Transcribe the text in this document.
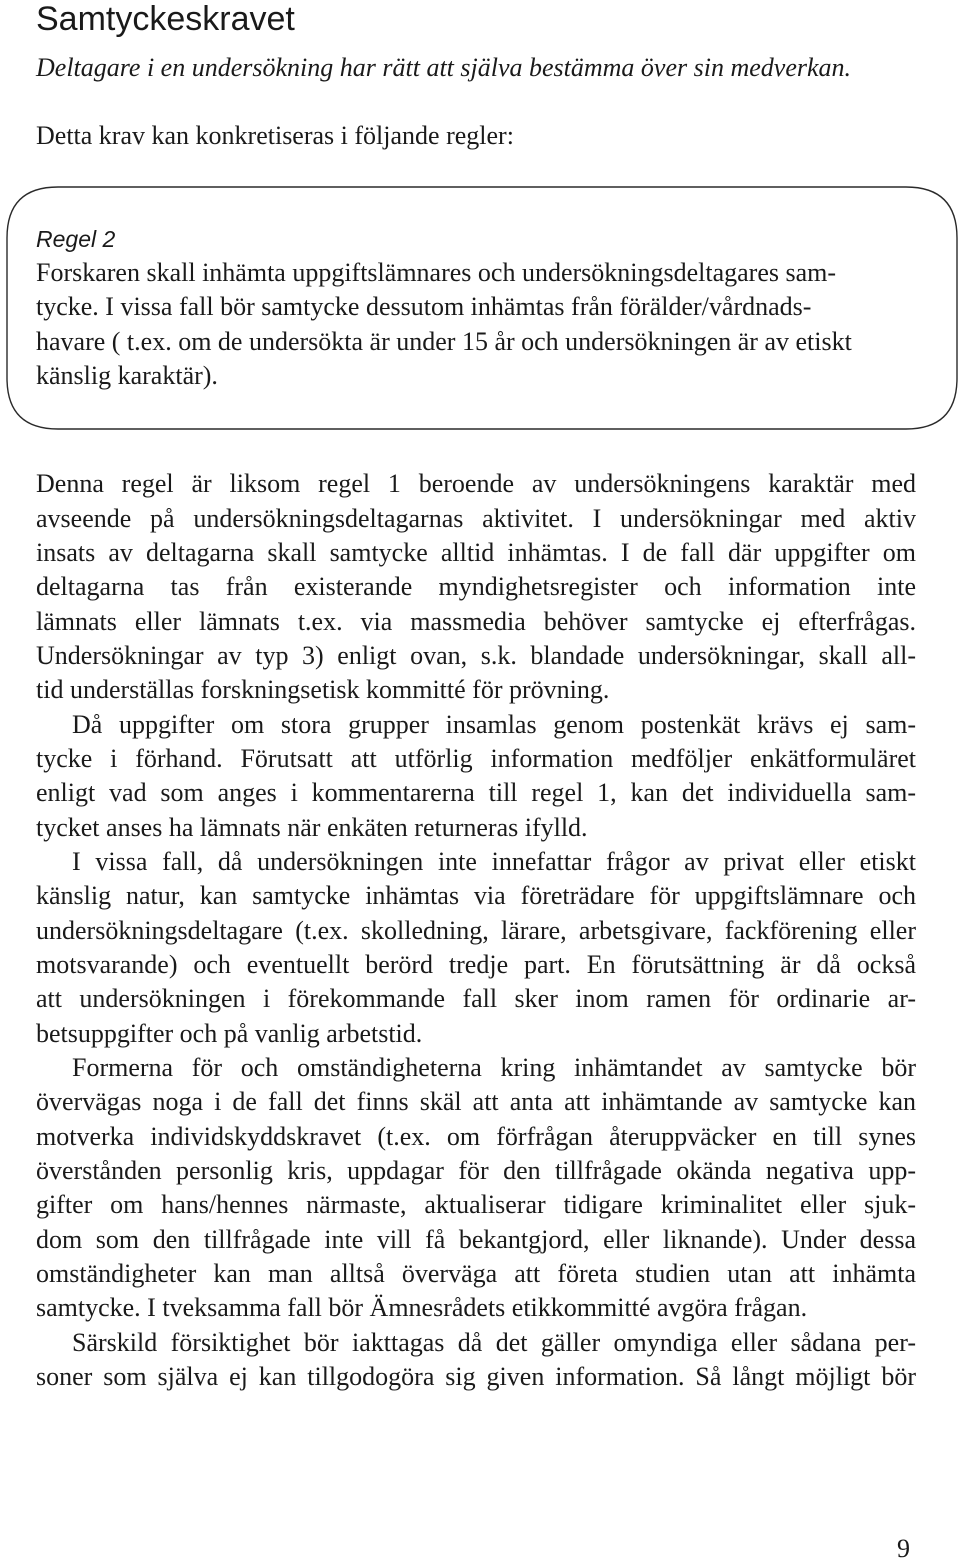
Samtyckeskravet

Deltagare i en undersökning har rätt att själva bestämma över sin medverkan.

Detta krav kan konkretiseras i följande regler:

Regel 2

Forskaren skall inhämta uppgiftslämnares och undersökningsdeltagares sam-

tycke. I vissa fall bör samtycke dessutom inhämtas från förälder/vårdnads-

havare ( t.ex. om de undersökta är under 15 år och undersökningen är av etiskt

känslig karaktär).

Denna regel är liksom regel 1 beroende av undersökningens karaktär med

avseende på undersökningsdeltagarnas aktivitet. I undersökningar med aktiv

insats av deltagarna skall samtycke alltid inhämtas. I de fall där uppgifter om

deltagarna tas från existerande myndighetsregister och information inte

lämnats eller lämnats t.ex. via massmedia behöver samtycke ej efterfrågas.

Undersökningar av typ 3) enligt ovan, s.k. blandade undersökningar, skall all-

tid underställas forskningsetisk kommitté för prövning.

Då uppgifter om stora grupper insamlas genom postenkät krävs ej sam-

tycke i förhand. Förutsatt att utförlig information medföljer enkätformuläret

enligt vad som anges i kommentarerna till regel 1, kan det individuella sam-

tycket anses ha lämnats när enkäten returneras ifylld.

I vissa fall, då undersökningen inte innefattar frågor av privat eller etiskt

känslig natur, kan samtycke inhämtas via företrädare för uppgiftslämnare och

undersökningsdeltagare (t.ex. skolledning, lärare, arbetsgivare, fackförening eller

motsvarande) och eventuellt berörd tredje part. En förutsättning är då också

att undersökningen i förekommande fall sker inom ramen för ordinarie ar-

betsuppgifter och på vanlig arbetstid.

Formerna för och omständigheterna kring inhämtandet av samtycke bör

övervägas noga i de fall det finns skäl att anta att inhämtande av samtycke kan

motverka individskyddskravet (t.ex. om förfrågan återuppväcker en till synes

överstånden personlig kris, uppdagar för den tillfrågade okända negativa upp-

gifter om hans/hennes närmaste, aktualiserar tidigare kriminalitet eller sjuk-

dom som den tillfrågade inte vill få bekantgjord, eller liknande). Under dessa

omständigheter kan man alltså överväga att företa studien utan att inhämta

samtycke. I tveksamma fall bör Ämnesrådets etikkommitté avgöra frågan.

Särskild försiktighet bör iakttagas då det gäller omyndiga eller sådana per-

soner som själva ej kan tillgodogöra sig given information. Så långt möjligt bör

9
